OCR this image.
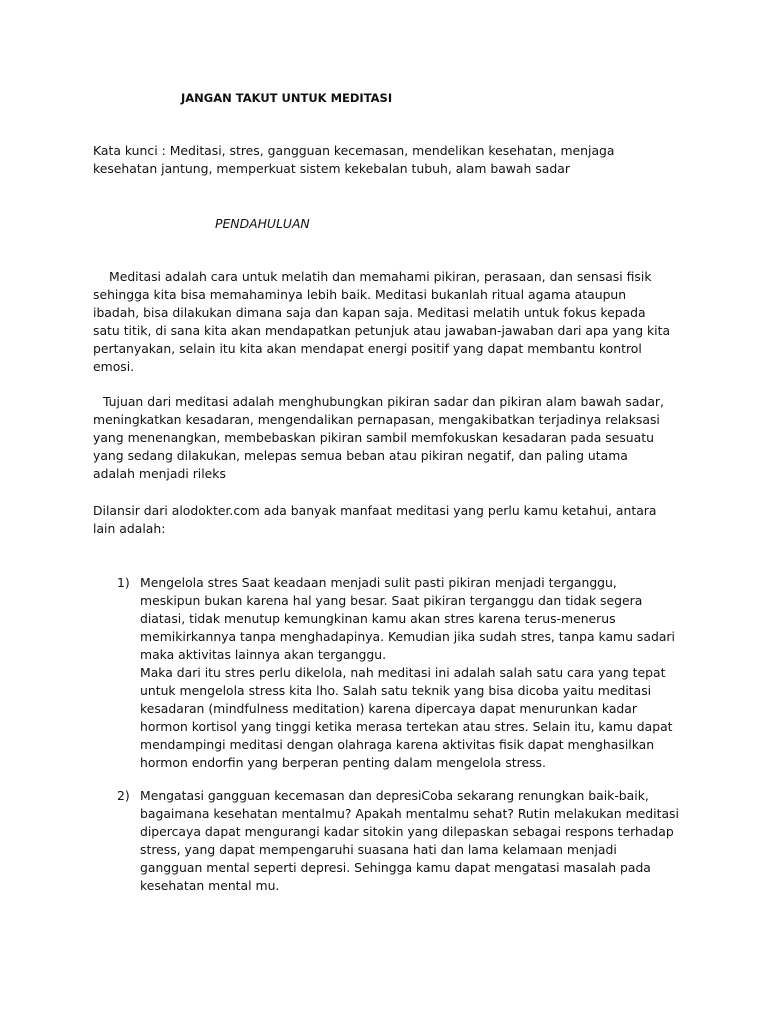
JANGAN TAKUT UNTUK MEDITASI
Kata kunci : Meditasi, stres, gangguan kecemasan, mendelikan kesehatan, menjaga kesehatan jantung, memperkuat sistem kekebalan tubuh, alam bawah sadar
PENDAHULUAN
Meditasi adalah cara untuk melatih dan memahami pikiran, perasaan, dan sensasi fisik sehingga kita bisa memahaminya lebih baik. Meditasi bukanlah ritual agama ataupun ibadah, bisa dilakukan dimana saja dan kapan saja. Meditasi melatih untuk fokus kepada satu titik, di sana kita akan mendapatkan petunjuk atau jawaban-jawaban dari apa yang kita pertanyakan, selain itu kita akan mendapat energi positif yang dapat membantu kontrol emosi.
Tujuan dari meditasi adalah menghubungkan pikiran sadar dan pikiran alam bawah sadar, meningkatkan kesadaran, mengendalikan pernapasan, mengakibatkan terjadinya relaksasi yang menenangkan, membebaskan pikiran sambil memfokuskan kesadaran pada sesuatu yang sedang dilakukan, melepas semua beban atau pikiran negatif, dan paling utama adalah menjadi rileks
Dilansir dari alodokter.com ada banyak manfaat meditasi yang perlu kamu ketahui, antara lain adalah:
1) Mengelola stres Saat keadaan menjadi sulit pasti pikiran menjadi terganggu, meskipun bukan karena hal yang besar. Saat pikiran terganggu dan tidak segera diatasi, tidak menutup kemungkinan kamu akan stres karena terus-menerus memikirkannya tanpa menghadapinya. Kemudian jika sudah stres, tanpa kamu sadari maka aktivitas lainnya akan terganggu.
Maka dari itu stres perlu dikelola, nah meditasi ini adalah salah satu cara yang tepat untuk mengelola stress kita lho. Salah satu teknik yang bisa dicoba yaitu meditasi kesadaran (mindfulness meditation) karena dipercaya dapat menurunkan kadar hormon kortisol yang tinggi ketika merasa tertekan atau stres. Selain itu, kamu dapat mendampingi meditasi dengan olahraga karena aktivitas fisik dapat menghasilkan hormon endorfin yang berperan penting dalam mengelola stress.
2) Mengatasi gangguan kecemasan dan depresiCoba sekarang renungkan baik-baik, bagaimana kesehatan mentalmu? Apakah mentalmu sehat? Rutin melakukan meditasi dipercaya dapat mengurangi kadar sitokin yang dilepaskan sebagai respons terhadap stress, yang dapat mempengaruhi suasana hati dan lama kelamaan menjadi gangguan mental seperti depresi. Sehingga kamu dapat mengatasi masalah pada kesehatan mental mu.
